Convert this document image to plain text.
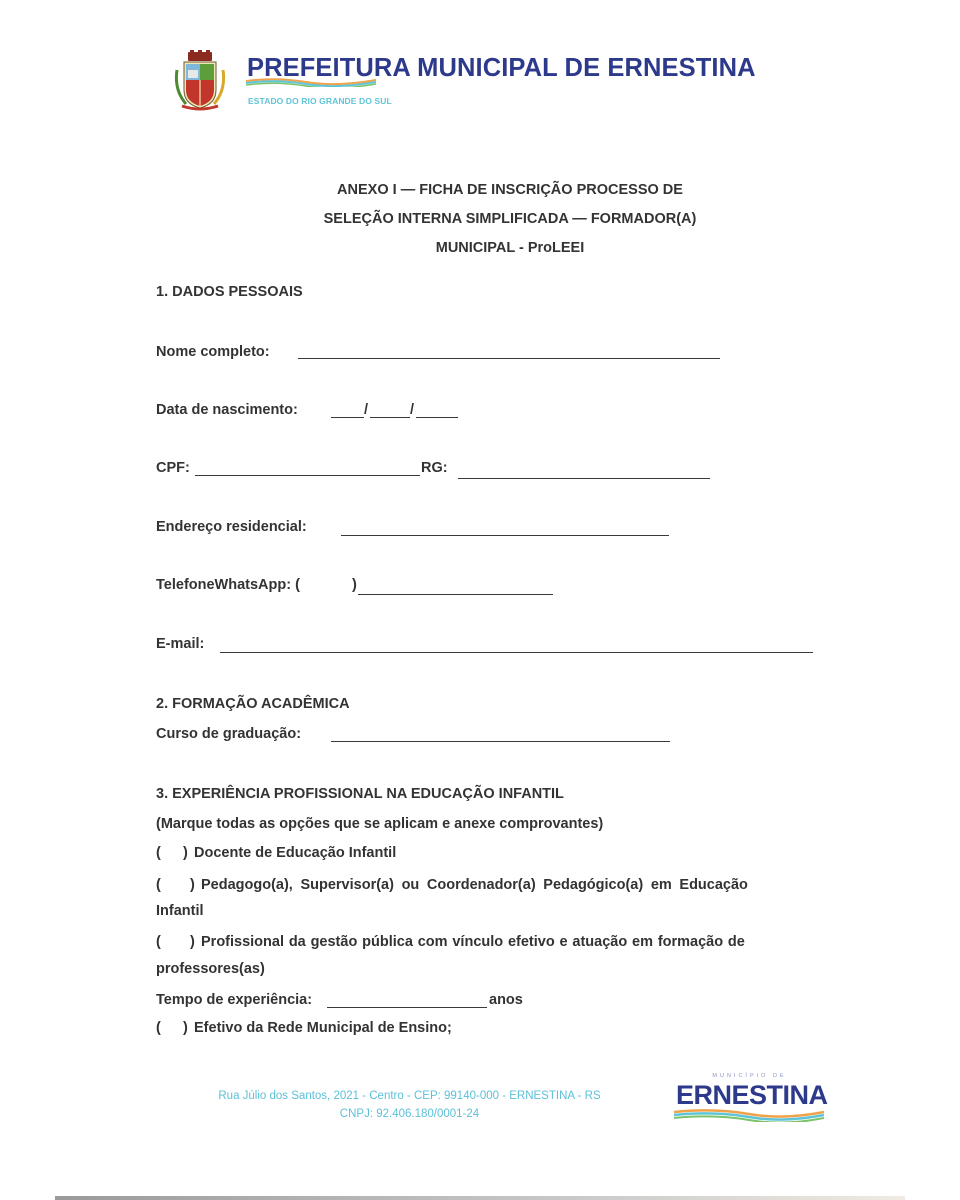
PREFEITURA MUNICIPAL DE ERNESTINA
ESTADO DO RIO GRANDE DO SUL
ANEXO I — FICHA DE INSCRIÇÃO PROCESSO DE
SELEÇÃO INTERNA SIMPLIFICADA — FORMADOR(A)
MUNICIPAL - ProLEEI
1. DADOS PESSOAIS
Nome completo:
Data de nascimento:	/	/
CPF:	RG:
Endereço residencial:
TelefoneWhatsApp: (	)
E-mail:
2. FORMAÇÃO ACADÊMICA
Curso de graduação:
3. EXPERIÊNCIA PROFISSIONAL NA EDUCAÇÃO INFANTIL
(Marque todas as opções que se aplicam e anexe comprovantes)
( ) Docente de Educação Infantil
( ) Pedagogo(a), Supervisor(a) ou Coordenador(a) Pedagógico(a) em Educação
Infantil
( ) Profissional da gestão pública com vínculo efetivo e atuação em formação de
professores(as)
Tempo de experiência:	anos
( ) Efetivo da Rede Municipal de Ensino;
Rua Júlio dos Santos, 2021 - Centro - CEP: 99140-000 - ERNESTINA - RS
CNPJ: 92.406.180/0001-24
MUNICÍPIO DE
ERNESTINA
